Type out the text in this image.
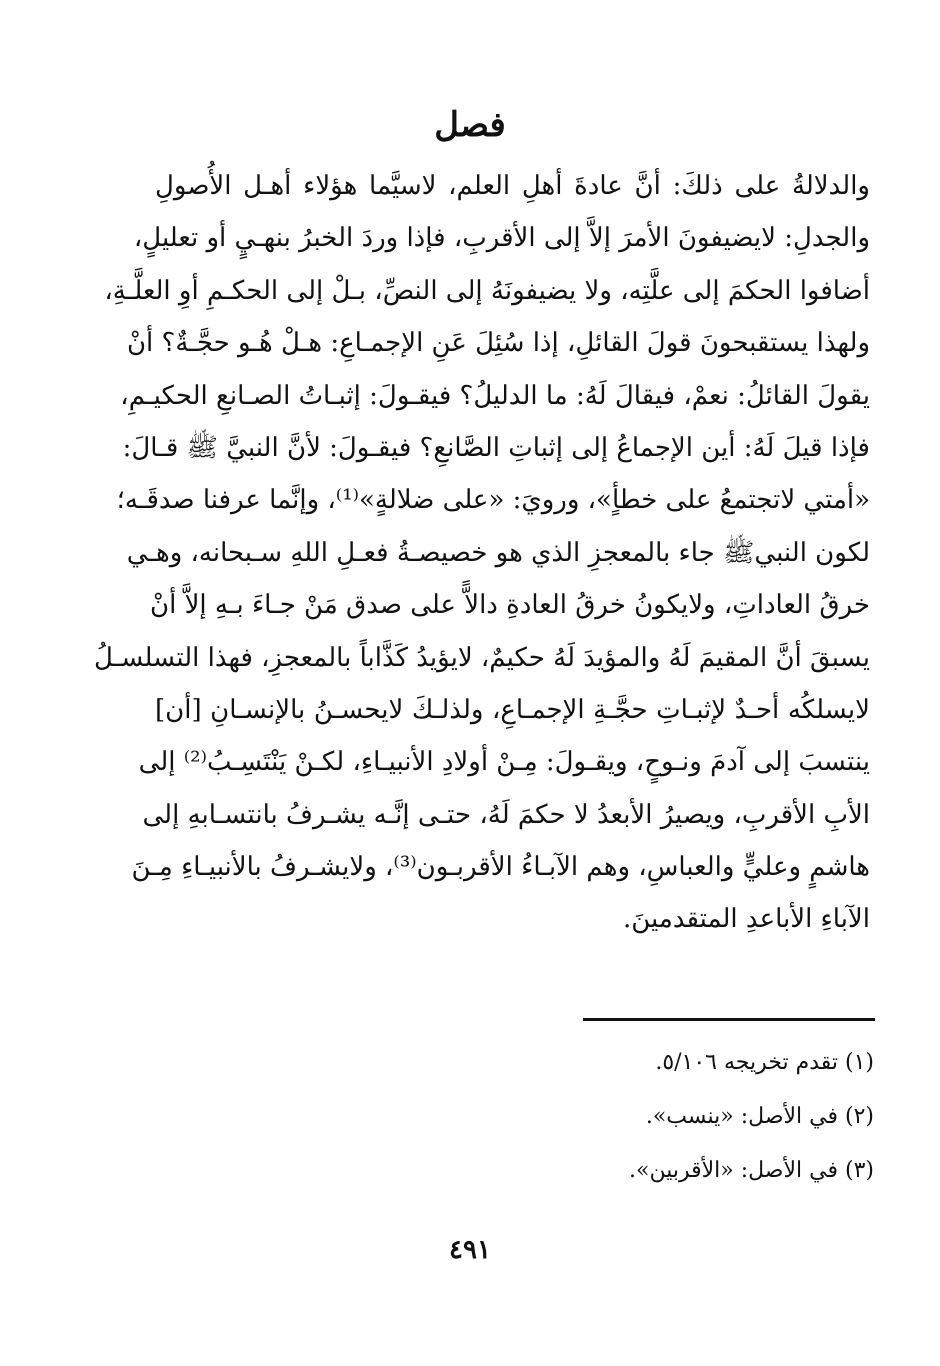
فصل
والدلالةُ على ذلكَ: أنَّ عادةَ أهلِ العلم، لاسيَّما هؤلاء أهـل الأُصولِ
والجدلِ: لايضيفونَ الأمرَ إلاَّ إلى الأقربِ، فإذا وردَ الخبرُ بنهـيٍ أو تعليلٍ،
أضافوا الحكمَ إلى علَّتِه، ولا يضيفونَهُ إلى النصِّ، بـلْ إلى الحكـمِ أوِ العلَّـةِ،
ولهذا يستقبحونَ قولَ القائلِ، إذا سُئِلَ عَنِ الإجمـاعِ: هـلْ هُـو حجَّـةٌ؟ أنْ
يقولَ القائلُ: نعمْ، فيقالَ لَهُ: ما الدليلُ؟ فيقـولَ: إثبـاتُ الصـانعِ الحكيـمِ،
فإذا قيلَ لَهُ: أين الإجماعُ إلى إثباتِ الصَّانعِ؟ فيقـولَ: لأنَّ النبيَّ ﷺ قـالَ:
«أمتي لاتجتمعُ على خطأٍ»، ورويَ: «على ضلالةٍ»⁽¹⁾، وإنَّما عرفنا صدقَـه؛
لكون النبيﷺ جاء بالمعجزِ الذي هو خصيصـةُ فعـلِ اللهِ سـبحانه، وهـي
خرقُ العاداتِ، ولايكونُ خرقُ العادةِ دالاًّ على صدق مَنْ جـاءَ بـهِ إلاَّ أنْ
يسبقَ أنَّ المقيمَ لَهُ والمؤيدَ لَهُ حكيمٌ، لايؤيدُ كَذَّاباً بالمعجزِ، فهذا التسلسـلُ
لايسلكُه أحـدٌ لإثبـاتِ حجَّـةِ الإجمـاعِ، ولذلـكَ لايحسـنُ بالإنسـانِ [أن]
ينتسبَ إلى آدمَ ونـوحٍ، ويقـولَ: مِـنْ أولادِ الأنبيـاءِ، لكـنْ يَنْتَسِـبُ⁽²⁾ إلى
الأبِ الأقربِ، ويصيرُ الأبعدُ لا حكمَ لَهُ، حتـى إنَّـه يشـرفُ بانتسـابهِ إلى
هاشمٍ وعليٍّ والعباسِ، وهم الآبـاءُ الأقربـون⁽³⁾، ولايشـرفُ بالأنبيـاءِ مِـنَ
الآباءِ الأباعدِ المتقدمينَ.
(١) تقدم تخريجه ٥/١٠٦.
(٢) في الأصل: «ينسب».
(٣) في الأصل: «الأقربين».
٤٩١
